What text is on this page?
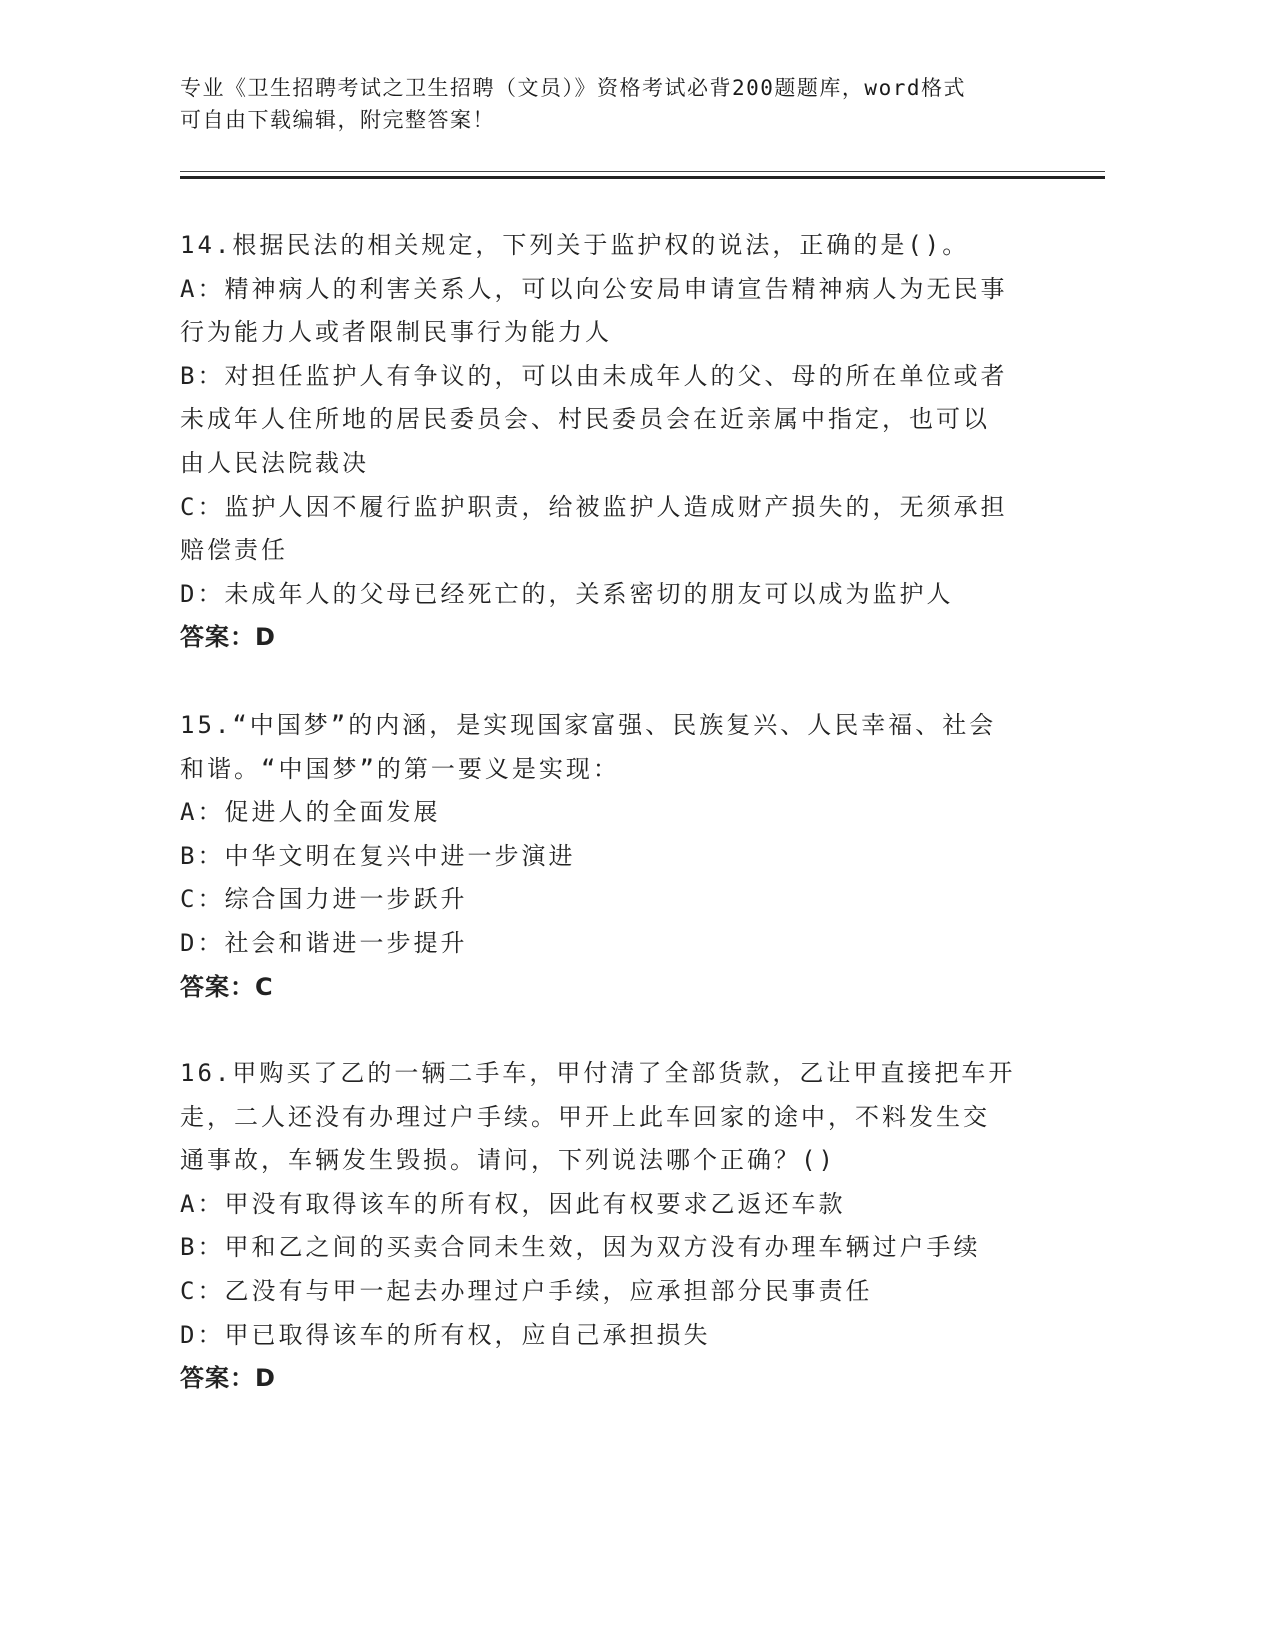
专业《卫生招聘考试之卫生招聘（文员）》资格考试必背200题题库，word格式
可自由下载编辑，附完整答案！
14.根据民法的相关规定，下列关于监护权的说法，正确的是()。
A：精神病人的利害关系人，可以向公安局申请宣告精神病人为无民事
行为能力人或者限制民事行为能力人
B：对担任监护人有争议的，可以由未成年人的父、母的所在单位或者
未成年人住所地的居民委员会、村民委员会在近亲属中指定，也可以
由人民法院裁决
C：监护人因不履行监护职责，给被监护人造成财产损失的，无须承担
赔偿责任
D：未成年人的父母已经死亡的，关系密切的朋友可以成为监护人
答案：D
15.“中国梦”的内涵，是实现国家富强、民族复兴、人民幸福、社会
和谐。“中国梦”的第一要义是实现：
A：促进人的全面发展
B：中华文明在复兴中进一步演进
C：综合国力进一步跃升
D：社会和谐进一步提升
答案：C
16.甲购买了乙的一辆二手车，甲付清了全部货款，乙让甲直接把车开
走，二人还没有办理过户手续。甲开上此车回家的途中，不料发生交
通事故，车辆发生毁损。请问，下列说法哪个正确？()
A：甲没有取得该车的所有权，因此有权要求乙返还车款
B：甲和乙之间的买卖合同未生效，因为双方没有办理车辆过户手续
C：乙没有与甲一起去办理过户手续，应承担部分民事责任
D：甲已取得该车的所有权，应自己承担损失
答案：D
